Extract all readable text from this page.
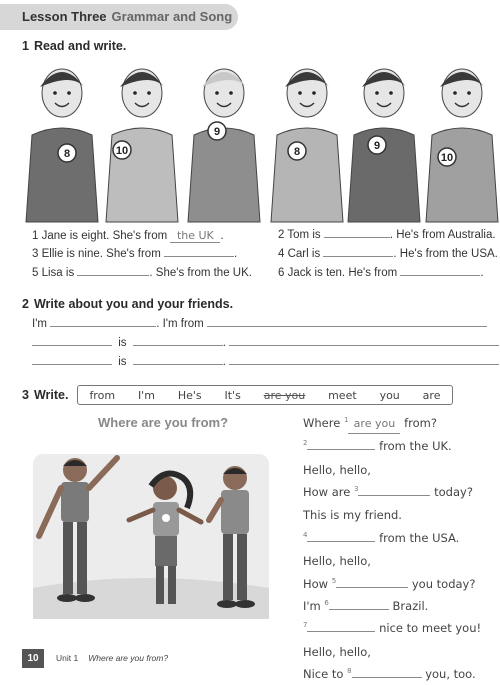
Lesson Three Grammar and Song
1 Read and write.
8	10
9
8	9
10
1 Jane is eight. She's from the UK .	2 Tom is	. He's from Australia.
3 Ellie is nine. She's from	.	4 Carl is	. He's from the USA.
5 Lisa is	. She's from the UK. 6 Jack is ten. He's from	.
2 Write about you and your friends.
I'm	. I'm from
is	.
is	.
3 Write. from I'm He's It's are you meet you are
Where are you from?	Where $^1$ are you from?
$^2$	from the UK.
Hello, hello,
How are $^3$	today?
This is my friend.
$^4$	from the USA.
Hello, hello,
How $^5$	you today?
I'm $^6$	Brazil.
$^7$	nice to meet you!
Hello, hello,
Nice to $^8$	you, too.
10	Unit 1 Where are you from?
